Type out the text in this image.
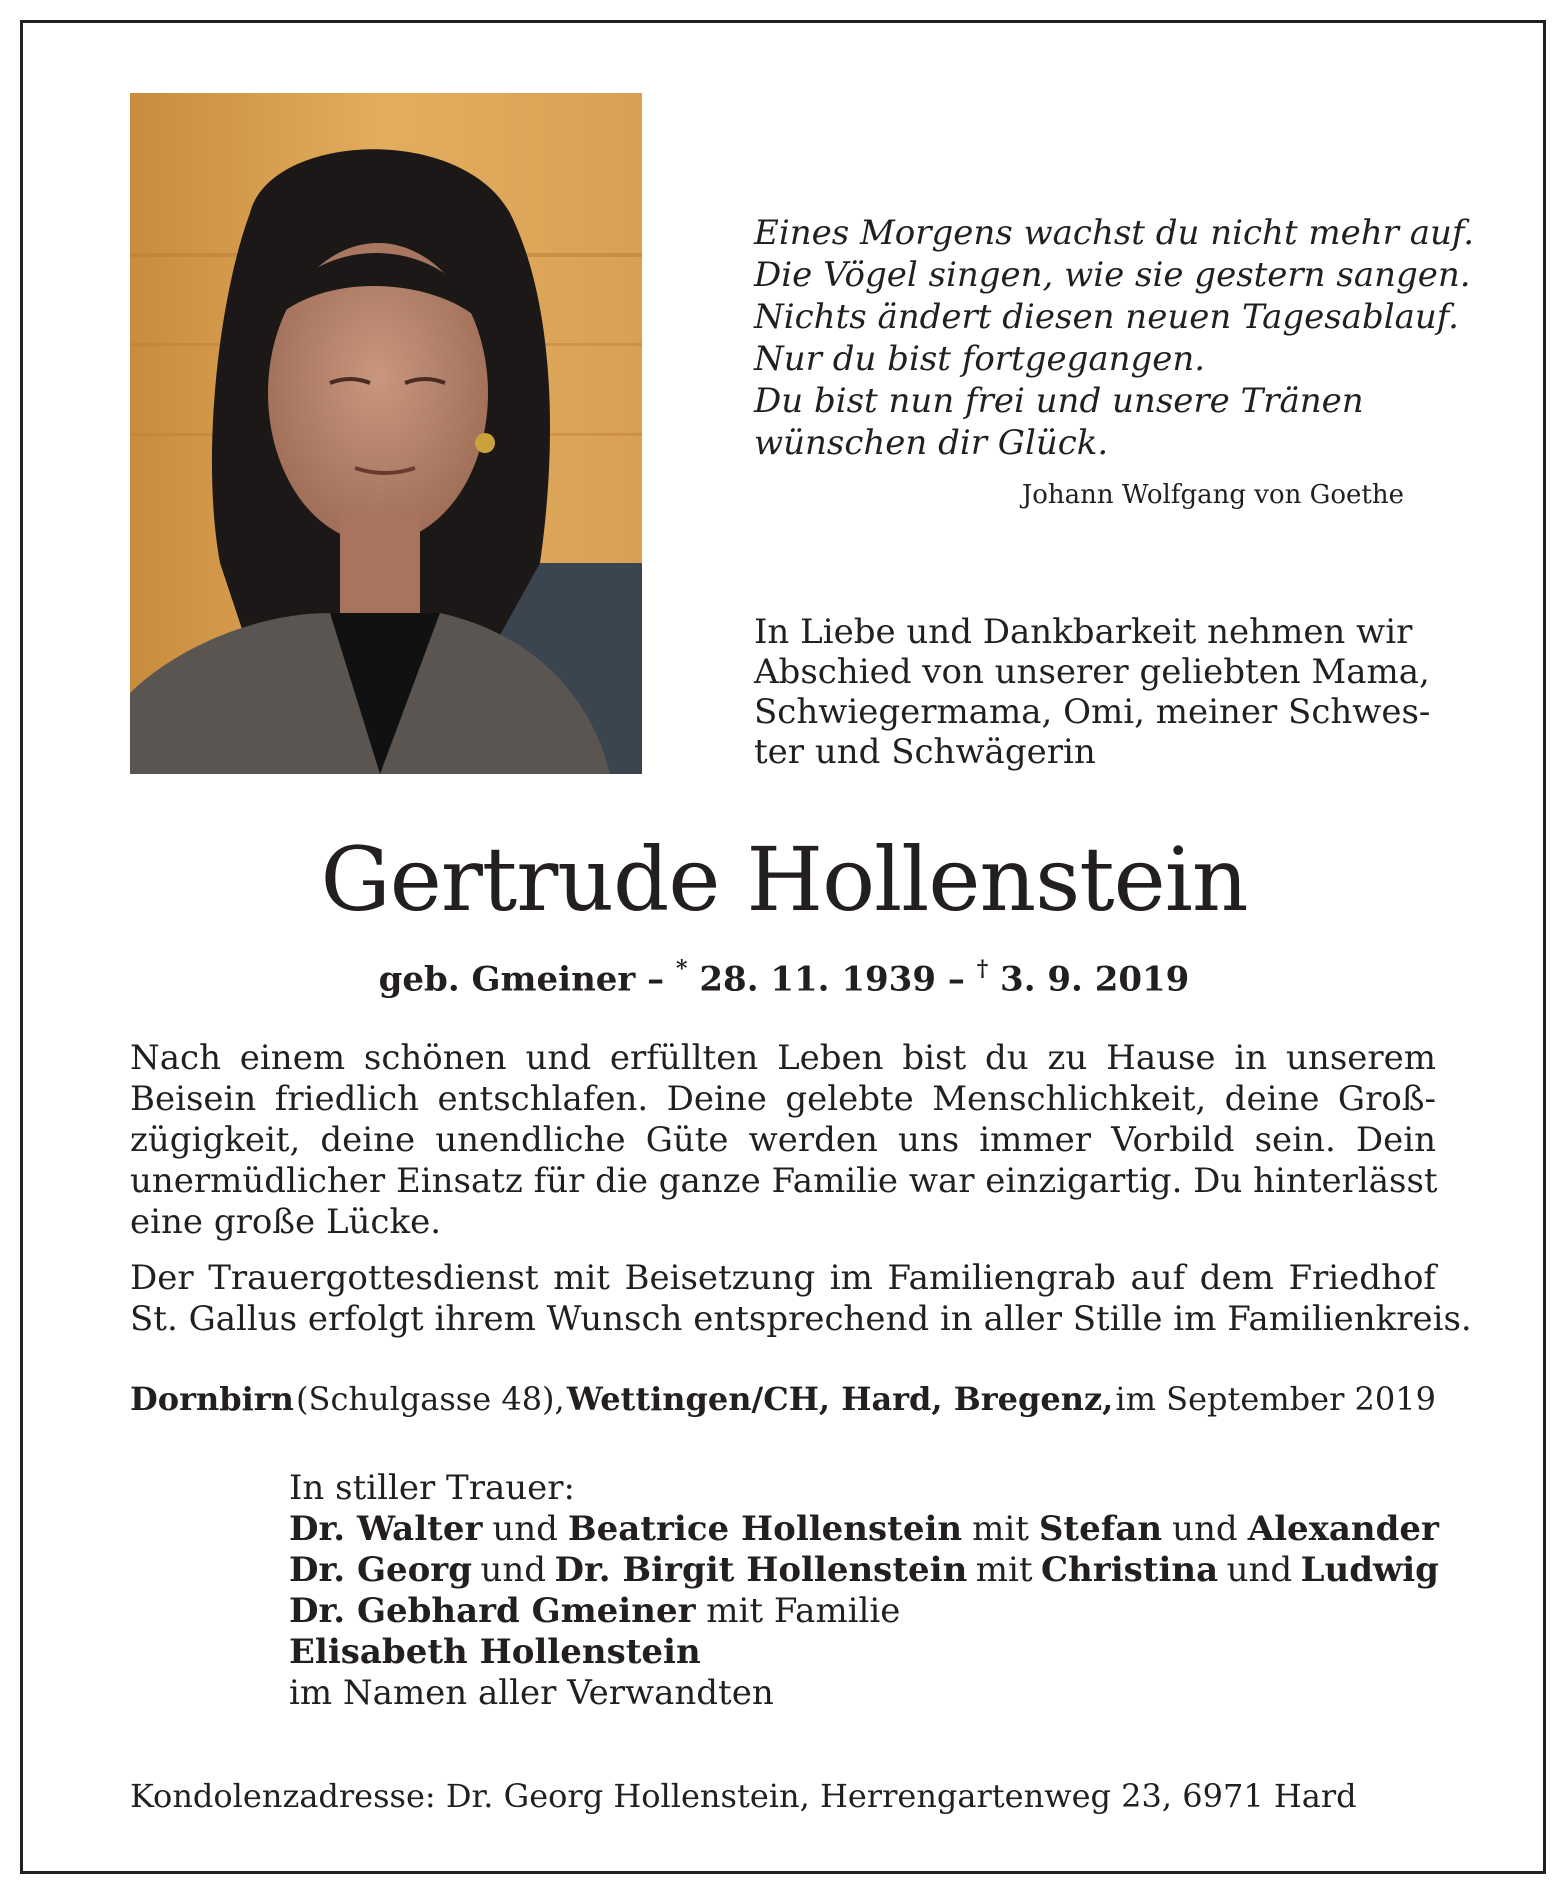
Eines Morgens wachst du nicht mehr auf.
Die Vögel singen, wie sie gestern sangen.
Nichts ändert diesen neuen Tagesablauf.
Nur du bist fortgegangen.
Du bist nun frei und unsere Tränen
wünschen dir Glück.
Johann Wolfgang von Goethe
In Liebe und Dankbarkeit nehmen wir
Abschied von unserer geliebten Mama,
Schwiegermama, Omi, meiner Schwes-
ter und Schwägerin
Gertrude Hollenstein
geb. Gmeiner – * 28. 11. 1939 – † 3. 9. 2019
Nach einem schönen und erfüllten Leben bist du zu Hause in unserem
Beisein friedlich entschlafen. Deine gelebte Menschlichkeit, deine Groß-
zügigkeit, deine unendliche Güte werden uns immer Vorbild sein. Dein
unermüdlicher Einsatz für die ganze Familie war einzigartig. Du hinterlässt
eine große Lücke.
Der Trauergottesdienst mit Beisetzung im Familiengrab auf dem Friedhof
St. Gallus erfolgt ihrem Wunsch entsprechend in aller Stille im Familienkreis.
Dornbirn (Schulgasse 48), Wettingen/CH, Hard, Bregenz, im September 2019
In stiller Trauer:
Dr. Walter und Beatrice Hollenstein mit Stefan und Alexander
Dr. Georg und Dr. Birgit Hollenstein mit Christina und Ludwig
Dr. Gebhard Gmeiner mit Familie
Elisabeth Hollenstein
im Namen aller Verwandten
Kondolenzadresse: Dr. Georg Hollenstein, Herrengartenweg 23, 6971 Hard
